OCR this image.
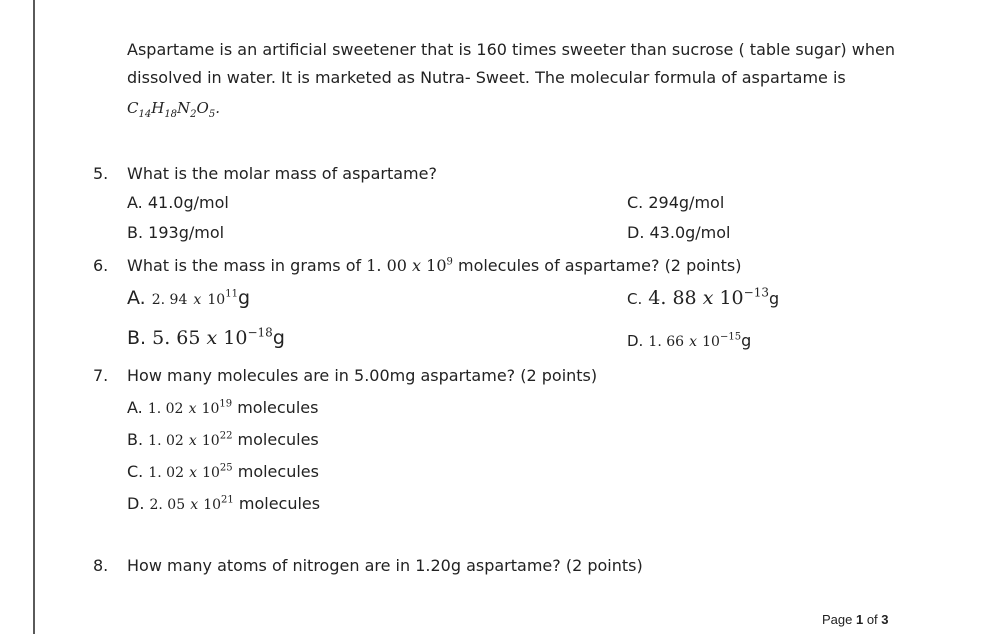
Aspartame is an artificial sweetener that is 160 times sweeter than sucrose ( table sugar) when
dissolved in water. It is marketed as Nutra- Sweet. The molecular formula of aspartame is
$C_{14}H_{18}N_2O_5$.
5. What is the molar mass of aspartame?
A. 41.0g/mol	C. 294g/mol
B. 193g/mol	D. 43.0g/mol
6. What is the mass in grams of 1. 00 x $10^9$ molecules of aspartame? (2 points)
A. 2. 94 x $10^{11}g$	C. 4. 88 x $10^{-13}g$
B. 5. 65 x $10^{-18}g$	D. 1. 66 x $10^{-15}g$
7. How many molecules are in 5.00mg aspartame? (2 points)
A. 1. 02 x $10^{19}$ molecules
B. 1. 02 x $10^{22}$ molecules
C. 1. 02 x $10^{25}$ molecules
D. 2. 05 x $10^{21}$ molecules
8. How many atoms of nitrogen are in 1.20g aspartame? (2 points)
Page 1 of 3
